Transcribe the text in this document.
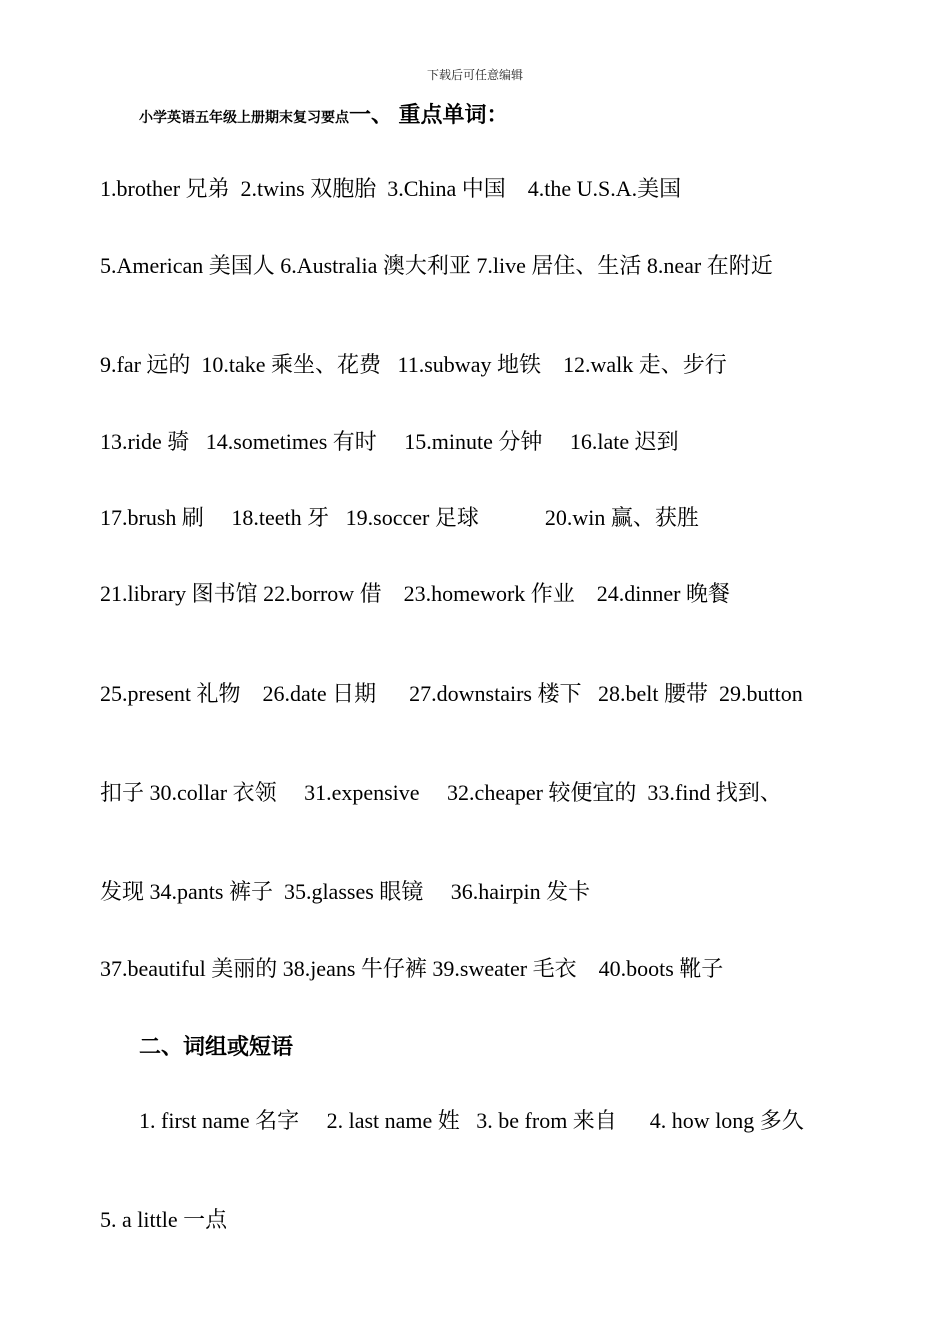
下载后可任意编辑
小学英语五年级上册期末复习要点一、 重点单词：
1.brother 兄弟  2.twins 双胞胎  3.China 中国    4.the U.S.A.美国
5.American 美国人 6.Australia 澳大利亚 7.live 居住、生活 8.near 在附近
9.far 远的  10.take 乘坐、花费   11.subway 地铁    12.walk 走、步行
13.ride 骑   14.sometimes 有时     15.minute 分钟     16.late 迟到
17.brush 刷     18.teeth 牙   19.soccer 足球            20.win 赢、获胜
21.library 图书馆 22.borrow 借    23.homework 作业    24.dinner 晚餐
25.present 礼物    26.date 日期      27.downstairs 楼下   28.belt 腰带  29.button
扣子 30.collar 衣领     31.expensive     32.cheaper 较便宜的  33.find 找到、
发现 34.pants 裤子  35.glasses 眼镜     36.hairpin 发卡
37.beautiful 美丽的 38.jeans 牛仔裤 39.sweater 毛衣    40.boots 靴子
二、词组或短语
1. first name 名字     2. last name 姓   3. be from 来自      4. how long 多久
5. a little 一点
